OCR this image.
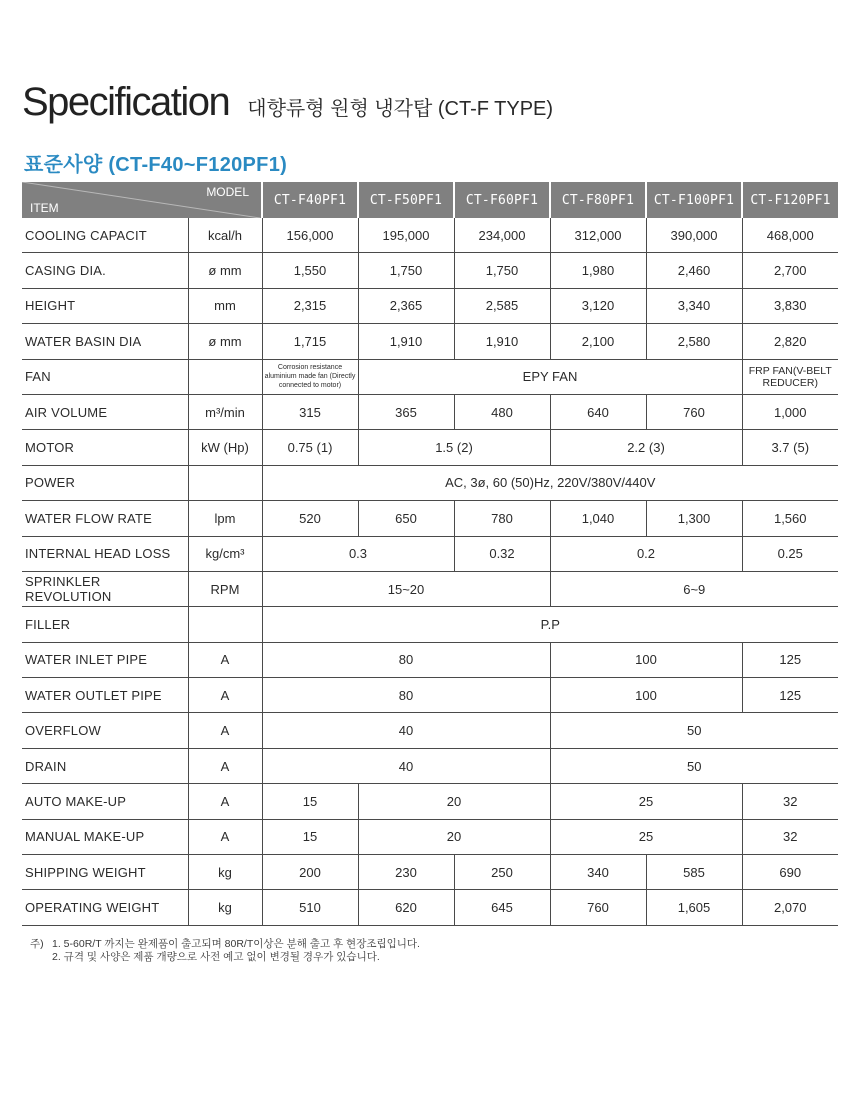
Specification 대향류형 원형 냉각탑 (CT-F TYPE)
표준사양 (CT-F40~F120PF1)
MODEL
ITEM		CT-F40PF1	CT-F50PF1	CT-F60PF1	CT-F80PF1	CT-F100PF1	CT-F120PF1
COOLING CAPACIT	kcal/h	156,000	195,000	234,000	312,000	390,000	468,000
CASING DIA.	ø mm	1,550	1,750	1,750	1,980	2,460	2,700
HEIGHT	mm	2,315	2,365	2,585	3,120	3,340	3,830
WATER BASIN DIA	ø mm	1,715	1,910	1,910	2,100	2,580	2,820
FAN		Corrosion resistance aluminium made fan (Directly connected to motor)	EPY FAN				FRP FAN(V-BELT REDUCER)
AIR VOLUME	m³/min	315	365	480	640	760	1,000
MOTOR	kW (Hp)	0.75 (1)	1.5 (2)		2.2 (3)		3.7 (5)
POWER		AC, 3ø, 60 (50)Hz, 220V/380V/440V					
WATER FLOW RATE	lpm	520	650	780	1,040	1,300	1,560
INTERNAL HEAD LOSS	kg/cm³	0.3		0.32	0.2		0.25
SPRINKLER REVOLUTION	RPM	15~20			6~9		
FILLER		P.P					
WATER INLET PIPE	A	80			100		125
WATER OUTLET PIPE	A	80			100		125
OVERFLOW	A	40			50		
DRAIN	A	40			50		
AUTO MAKE-UP	A	15	20		25		32
MANUAL MAKE-UP	A	15	20		25		32
SHIPPING WEIGHT	kg	200	230	250	340	585	690
OPERATING WEIGHT	kg	510	620	645	760	1,605	2,070
주) 1. 5-60R/T 까지는 완제품이 출고되며 80R/T이상은 분해 출고 후 현장조립입니다.
2. 규격 및 사양은 제품 개량으로 사전 예고 없이 변경될 경우가 있습니다.
